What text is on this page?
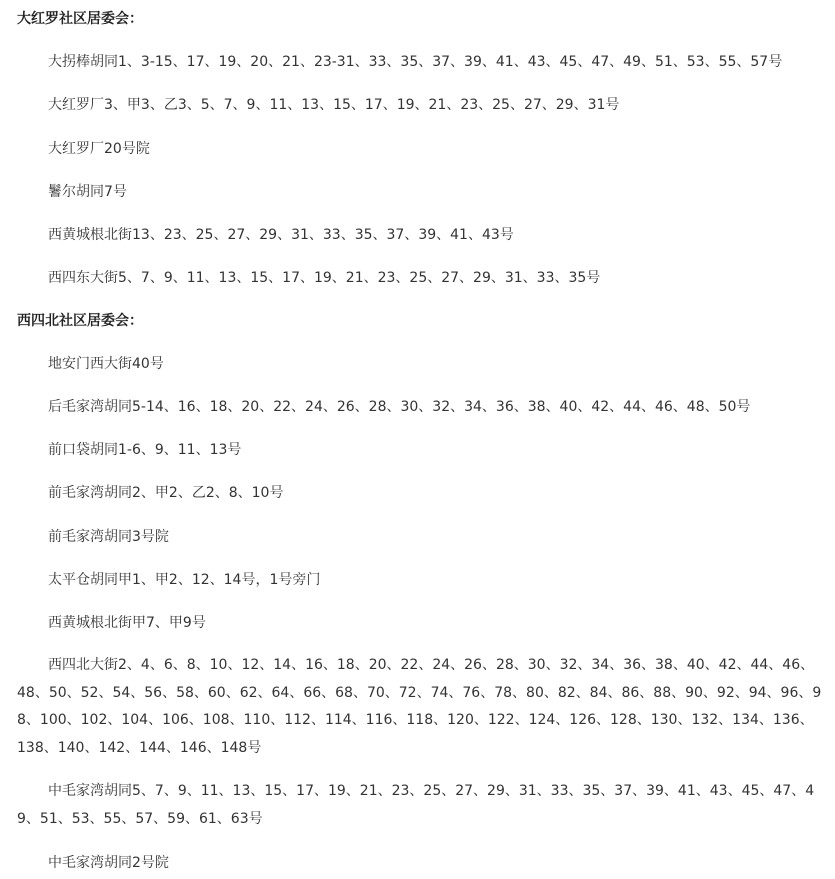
大红罗社区居委会：
大拐棒胡同1、3-15、17、19、20、21、23-31、33、35、37、39、41、43、45、47、49、51、53、55、57号
大红罗厂3、甲3、乙3、5、7、9、11、13、15、17、19、21、23、25、27、29、31号
大红罗厂20号院
鬐尔胡同7号
西黄城根北街13、23、25、27、29、31、33、35、37、39、41、43号
西四东大街5、7、9、11、13、15、17、19、21、23、25、27、29、31、33、35号
西四北社区居委会：
地安门西大街40号
后毛家湾胡同5-14、16、18、20、22、24、26、28、30、32、34、36、38、40、42、44、46、48、50号
前口袋胡同1-6、9、11、13号
前毛家湾胡同2、甲2、乙2、8、10号
前毛家湾胡同3号院
太平仓胡同甲1、甲2、12、14号，1号旁门
西黄城根北街甲7、甲9号
西四北大街2、4、6、8、10、12、14、16、18、20、22、24、26、28、30、32、34、36、38、40、42、44、46、48、50、52、54、56、58、60、62、64、66、68、70、72、74、76、78、80、82、84、86、88、90、92、94、96、98、100、102、104、106、108、110、112、114、116、118、120、122、124、126、128、130、132、134、136、138、140、142、144、146、148号
中毛家湾胡同5、7、9、11、13、15、17、19、21、23、25、27、29、31、33、35、37、39、41、43、45、47、49、51、53、55、57、59、61、63号
中毛家湾胡同2号院
